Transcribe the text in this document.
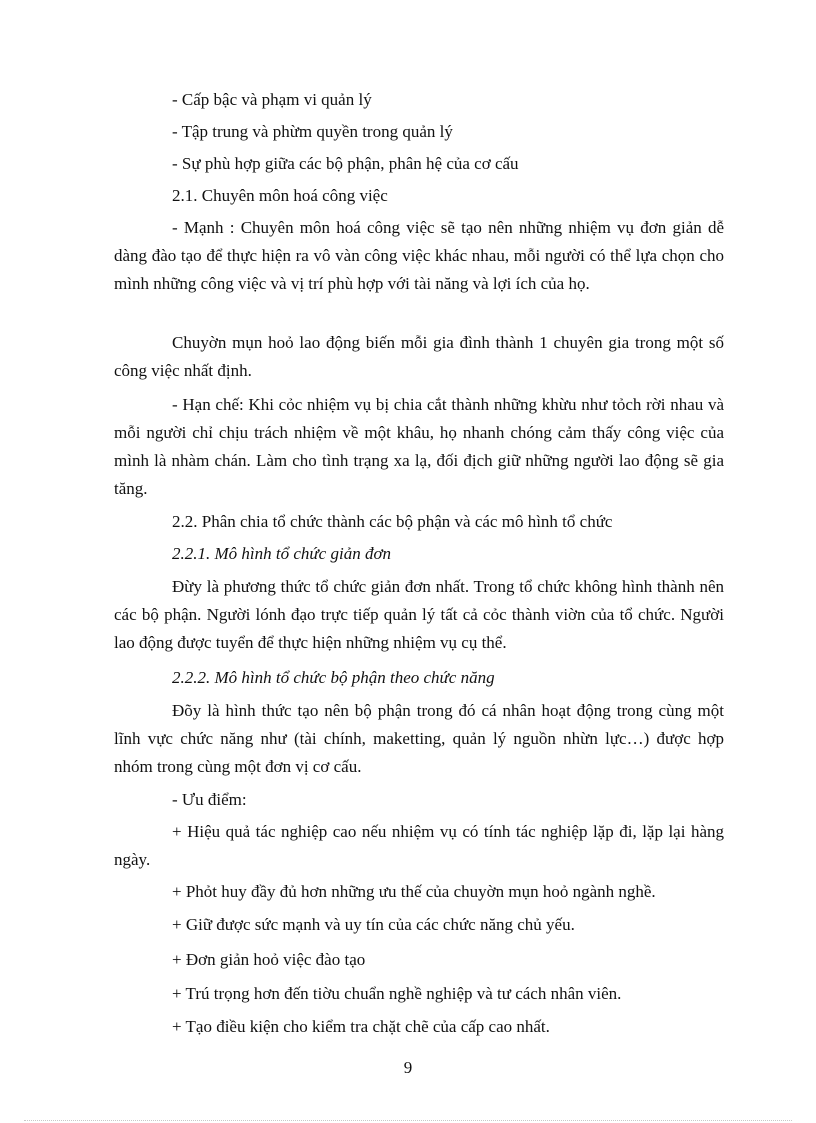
- Cấp bậc và phạm vi quản lý

- Tập trung và phừm quyền trong quản lý

- Sự phù hợp giữa các bộ phận, phân hệ của cơ cấu

2.1. Chuyên môn hoá công việc

- Mạnh : Chuyên môn hoá công việc sẽ tạo nên những nhiệm vụ đơn giản dễ dàng đào tạo để thực hiện ra vô vàn công việc khác nhau, mỗi người có thể lựa chọn cho mình những công việc và vị trí phù hợp với tài năng và lợi ích của họ.

Chuyờn mụn hoỏ lao động biến mỗi gia đình thành 1 chuyên gia trong một số công việc nhất định.

- Hạn chế: Khi cỏc nhiệm vụ bị chia cắt thành những khừu như tỏch rời nhau và mỗi người chỉ chịu trách nhiệm về một khâu, họ nhanh chóng cảm thấy công việc của mình là nhàm chán. Làm cho tình trạng xa lạ, đối địch giữ những người lao động sẽ gia tăng.

2.2. Phân chia tổ chức thành các bộ phận và các mô hình tổ chức

2.2.1. Mô hình tổ chức giản đơn

Đừy là phương thức tổ chức giản đơn nhất. Trong tổ chức không hình thành nên các bộ phận. Người lónh đạo trực tiếp quản lý tất cả cỏc thành viờn của tổ chức. Người lao động được tuyển để thực hiện những nhiệm vụ cụ thể.

2.2.2. Mô hình tổ chức bộ phận theo chức năng

Đõy là hình thức tạo nên bộ phận trong đó cá nhân hoạt động trong cùng một lĩnh vực chức năng như (tài chính, maketting, quản lý nguồn nhừn lực…) được hợp nhóm trong cùng một đơn vị cơ cấu.

- Ưu điểm:

+ Hiệu quả tác nghiệp cao nếu nhiệm vụ có tính tác nghiệp lặp đi, lặp lại hàng ngày.

+ Phỏt huy đầy đủ hơn những ưu thế của chuyờn mụn hoỏ ngành nghề.

+ Giữ được sức mạnh và uy tín của các chức năng chủ yếu.

+ Đơn giản hoỏ việc đào tạo

+ Trú trọng hơn đến tiờu chuẩn nghề nghiệp và tư cách nhân viên.

+ Tạo điều kiện cho kiểm tra chặt chẽ của cấp cao nhất.

9
